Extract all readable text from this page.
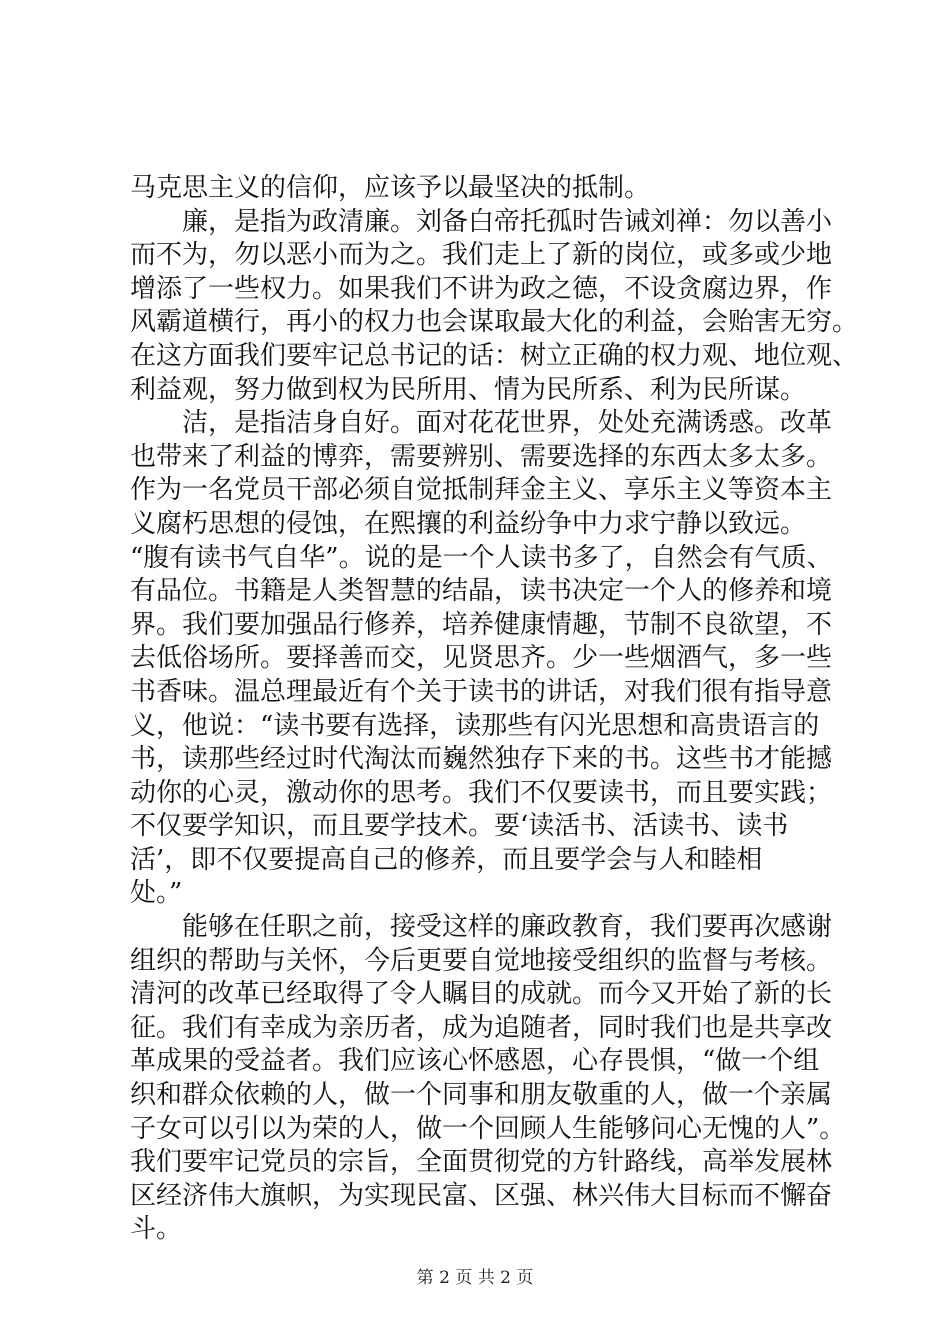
马克思主义的信仰，应该予以最坚决的抵制。
　　廉，是指为政清廉。刘备白帝托孤时告诫刘禅：勿以善小
而不为，勿以恶小而为之。我们走上了新的岗位，或多或少地
增添了一些权力。如果我们不讲为政之德，不设贪腐边界，作
风霸道横行，再小的权力也会谋取最大化的利益，会贻害无穷。
在这方面我们要牢记总书记的话：树立正确的权力观、地位观、
利益观，努力做到权为民所用、情为民所系、利为民所谋。
　　洁，是指洁身自好。面对花花世界，处处充满诱惑。改革
也带来了利益的博弈，需要辨别、需要选择的东西太多太多。
作为一名党员干部必须自觉抵制拜金主义、享乐主义等资本主
义腐朽思想的侵蚀，在熙攘的利益纷争中力求宁静以致远。
“腹有读书气自华”。说的是一个人读书多了，自然会有气质、
有品位。书籍是人类智慧的结晶，读书决定一个人的修养和境
界。我们要加强品行修养，培养健康情趣，节制不良欲望，不
去低俗场所。要择善而交，见贤思齐。少一些烟酒气，多一些
书香味。温总理最近有个关于读书的讲话，对我们很有指导意
义，他说：“读书要有选择，读那些有闪光思想和高贵语言的
书，读那些经过时代淘汰而巍然独存下来的书。这些书才能撼
动你的心灵，激动你的思考。我们不仅要读书，而且要实践；
不仅要学知识，而且要学技术。要‘读活书、活读书、读书
活’，即不仅要提高自己的修养，而且要学会与人和睦相
处。”
　　能够在任职之前，接受这样的廉政教育，我们要再次感谢
组织的帮助与关怀，今后更要自觉地接受组织的监督与考核。
清河的改革已经取得了令人瞩目的成就。而今又开始了新的长
征。我们有幸成为亲历者，成为追随者，同时我们也是共享改
革成果的受益者。我们应该心怀感恩，心存畏惧，“做一个组
织和群众依赖的人，做一个同事和朋友敬重的人，做一个亲属
子女可以引以为荣的人，做一个回顾人生能够问心无愧的人”。
我们要牢记党员的宗旨，全面贯彻党的方针路线，高举发展林
区经济伟大旗帜，为实现民富、区强、林兴伟大目标而不懈奋
斗。
第 2 页 共 2 页
